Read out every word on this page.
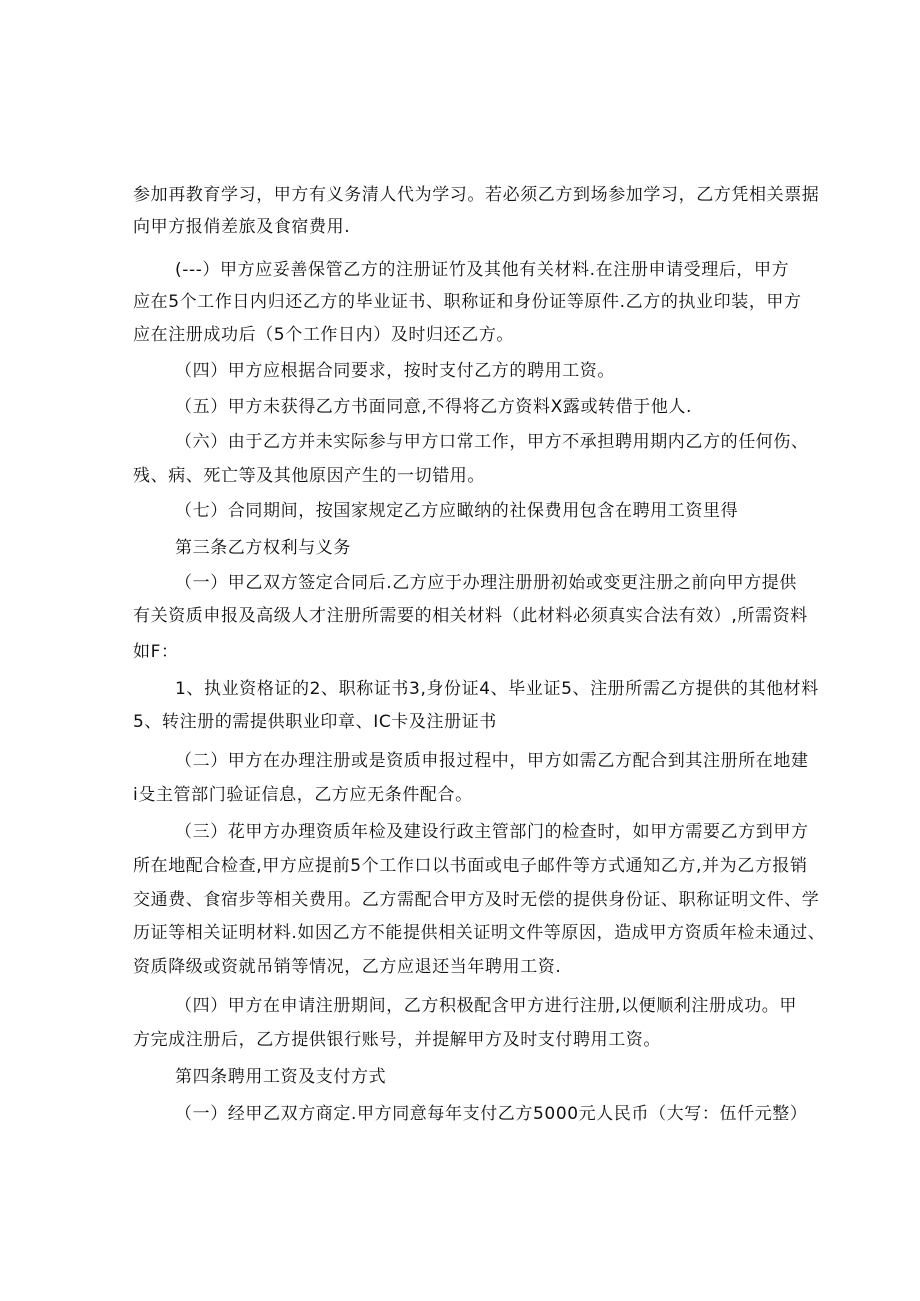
参加再教育学习，甲方有义务清人代为学习。若必须乙方到场参加学习，乙方凭相关票据
向甲方报俏差旅及食宿费用.
(---）甲方应妥善保管乙方的注册证竹及其他有关材料.在注册申请受理后，甲方
应在5个工作日内归还乙方的毕业证书、职称证和身份证等原件.乙方的执业印装，甲方
应在注册成功后（5个工作日内）及时归还乙方。
（四）甲方应根据合同要求，按时支付乙方的聘用工资。
（五）甲方未获得乙方书面同意,不得将乙方资料X露或转借于他人.
（六）由于乙方并未实际参与甲方口常工作，甲方不承担聘用期内乙方的任何伤、
残、病、死亡等及其他原因产生的一切错用。
（七）合同期间，按国家规定乙方应瞰纳的社保费用包含在聘用工资里得
第三条乙方权利与义务
（一）甲乙双方签定合同后.乙方应于办理注册册初始或变更注册之前向甲方提供
有关资质申报及高级人才注册所需要的相关材料（此材料必须真实合法有效）,所需资料
如F：
1、执业资格证的2、职称证书3,身份证4、毕业证5、注册所需乙方提供的其他材料
5、转注册的需提供职业印章、IC卡及注册证书
（二）甲方在办理注册或是资质申报过程中，甲方如需乙方配合到其注册所在地建
i殳主管部门验证信息，乙方应无条件配合。
（三）花甲方办理资质年检及建设行政主管部门的检查时，如甲方需要乙方到甲方
所在地配合检查,甲方应提前5个工作口以书面或电子邮件等方式通知乙方,并为乙方报销
交通费、食宿步等相关费用。乙方需配合甲方及时无偿的提供身份证、职称证明文件、学
历证等相关证明材料.如因乙方不能提供相关证明文件等原因，造成甲方资质年检未通过、
资质降级或资就吊销等情况，乙方应退还当年聘用工资.
（四）甲方在申请注册期间，乙方积极配含甲方进行注册,以便顺利注册成功。甲
方完成注册后，乙方提供银行账号，并提解甲方及时支付聘用工资。
第四条聘用工资及支付方式
（一）经甲乙双方商定.甲方同意每年支付乙方5000元人民币（大写：伍仟元整）
